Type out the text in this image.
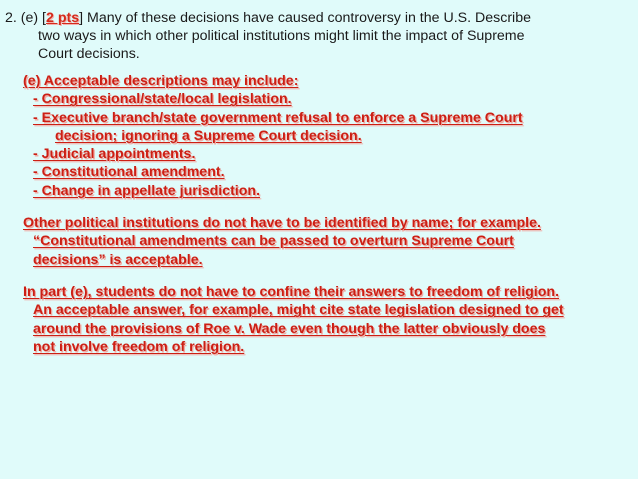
2. (e) [2 pts] Many of these decisions have caused controversy in the U.S. Describe
two ways in which other political institutions might limit the impact of Supreme
Court decisions.
(e) Acceptable descriptions may include:
- Congressional/state/local legislation.
- Executive branch/state government refusal to enforce a Supreme Court
decision; ignoring a Supreme Court decision.
- Judicial appointments.
- Constitutional amendment.
- Change in appellate jurisdiction.
Other political institutions do not have to be identified by name; for example.
“Constitutional amendments can be passed to overturn Supreme Court
decisions” is acceptable.
In part (e), students do not have to confine their answers to freedom of religion.
An acceptable answer, for example, might cite state legislation designed to get
around the provisions of Roe v. Wade even though the latter obviously does
not involve freedom of religion.
